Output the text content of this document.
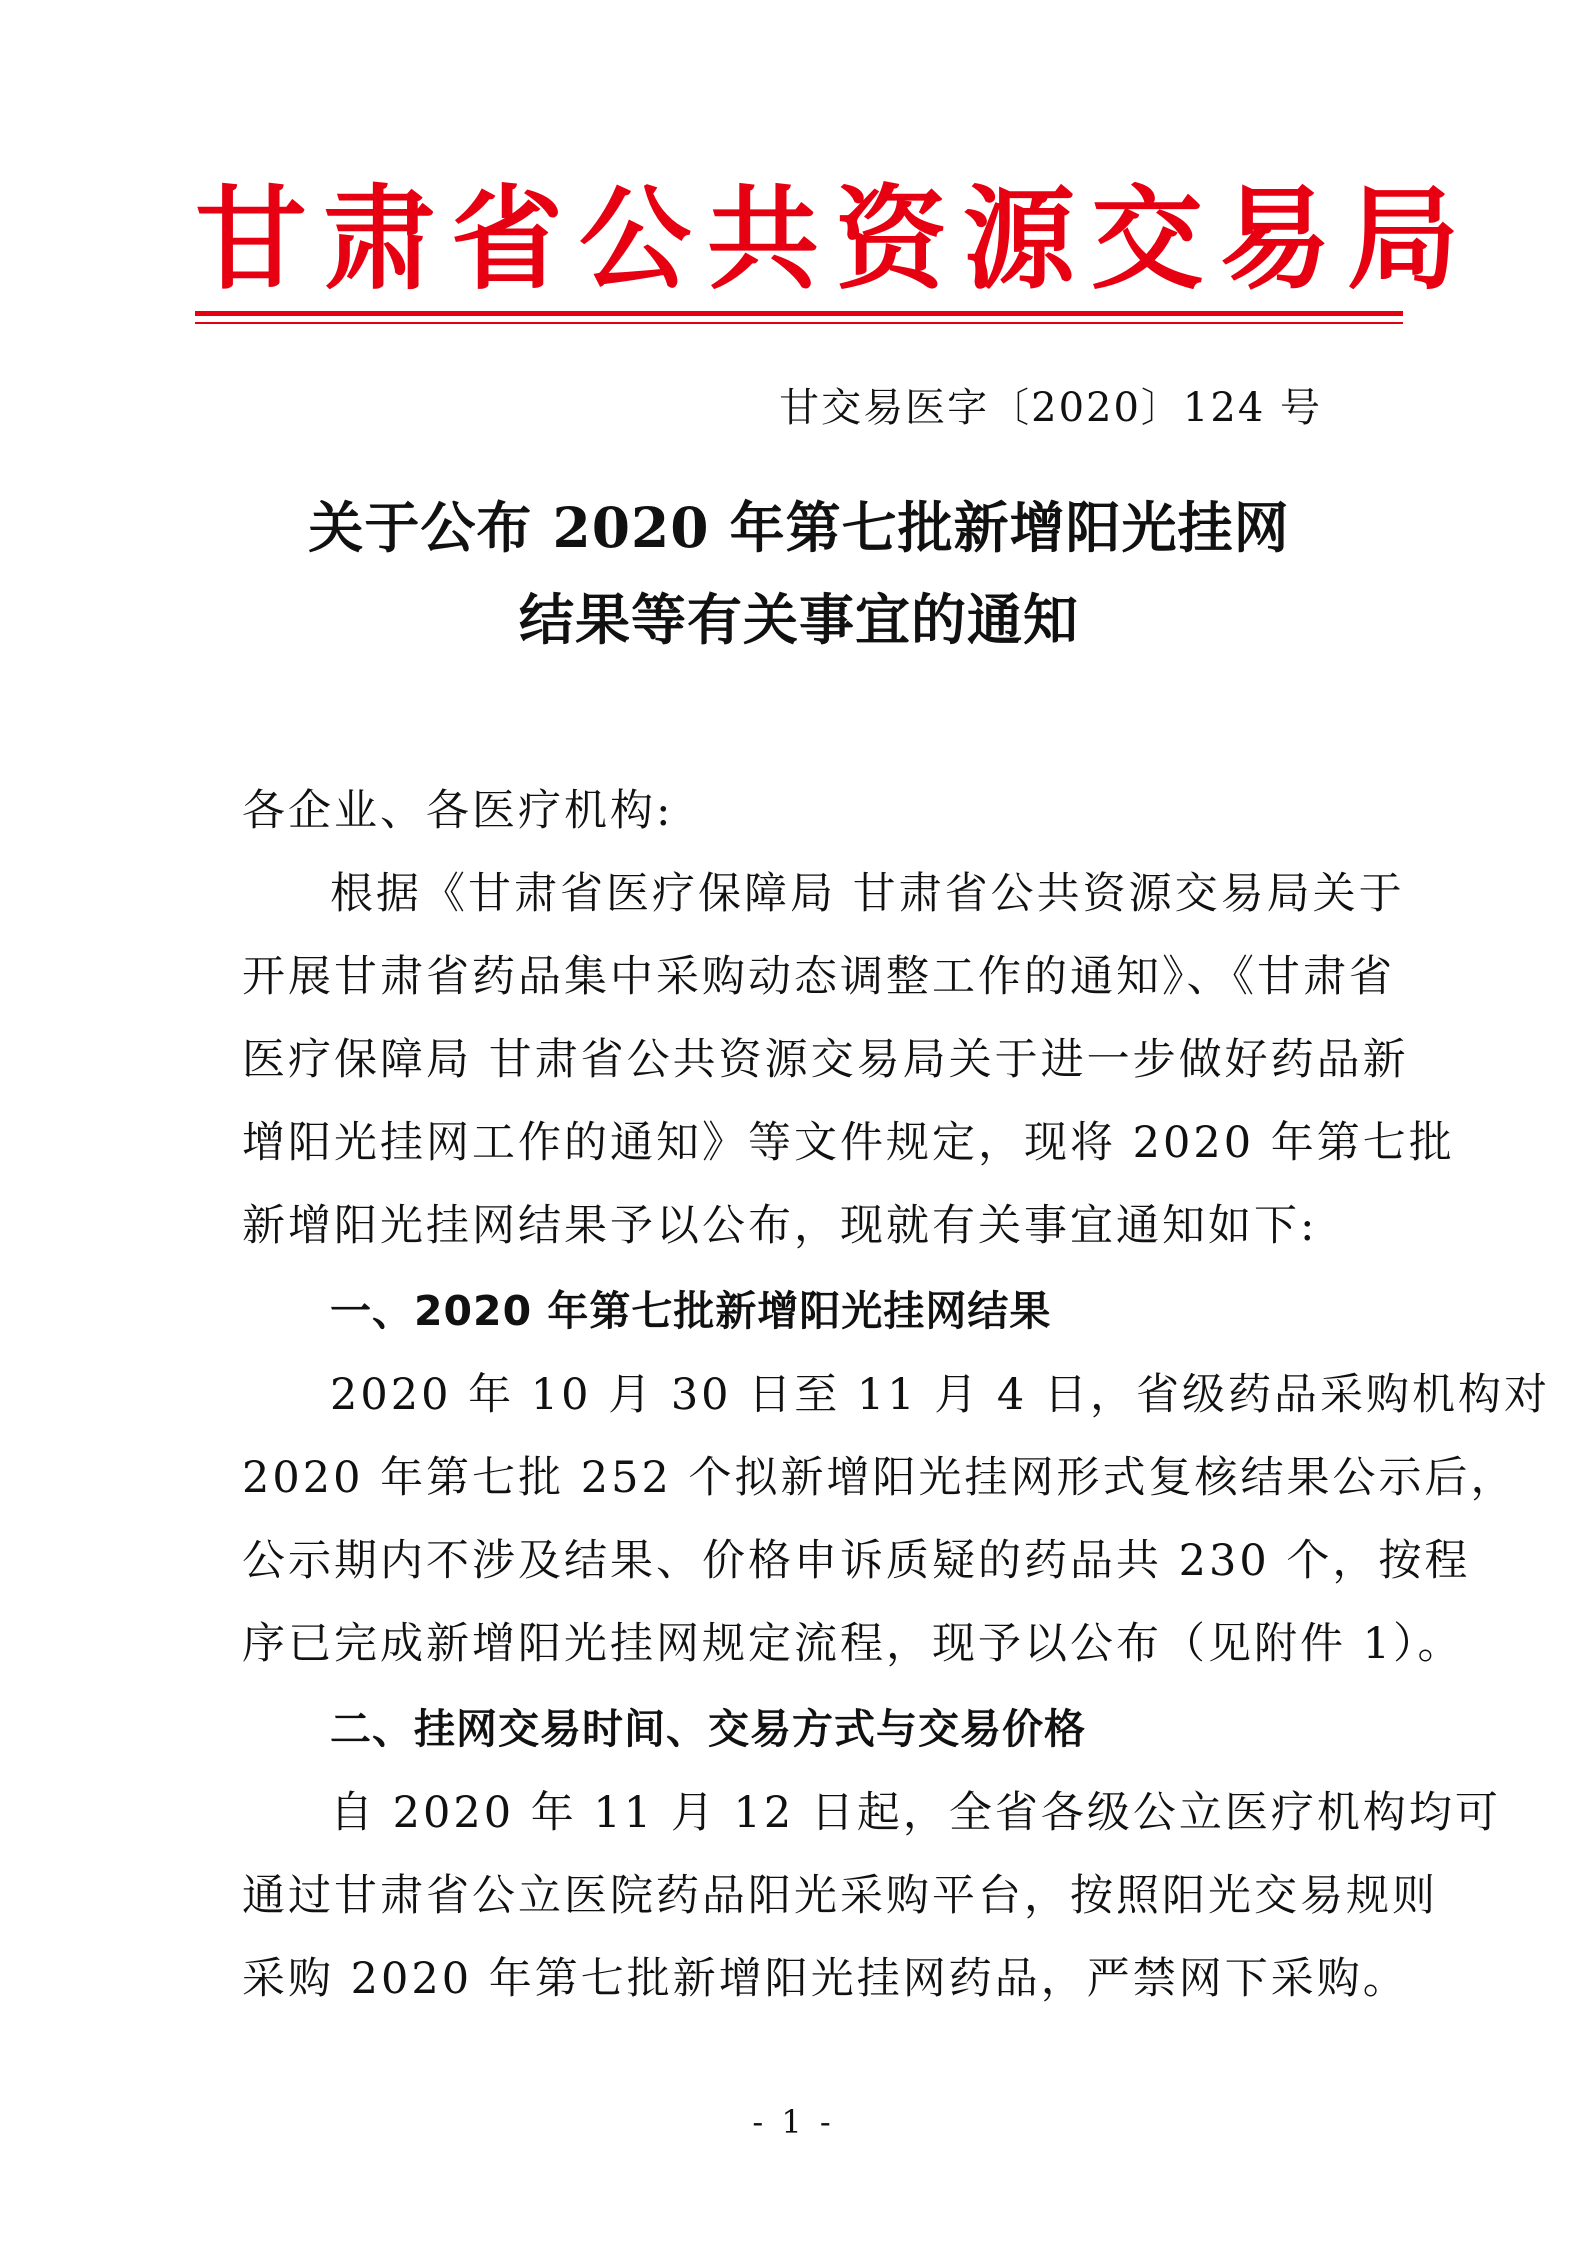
甘肃省公共资源交易局
甘交易医字〔2020〕124 号
关于公布 2020 年第七批新增阳光挂网
结果等有关事宜的通知

各企业、各医疗机构:

根据《甘肃省医疗保障局 甘肃省公共资源交易局关于
开展甘肃省药品集中采购动态调整工作的通知》、《甘肃省
医疗保障局 甘肃省公共资源交易局关于进一步做好药品新
增阳光挂网工作的通知》等文件规定，现将 2020 年第七批
新增阳光挂网结果予以公布，现就有关事宜通知如下:

一、2020 年第七批新增阳光挂网结果

2020 年 10 月 30 日至 11 月 4 日，省级药品采购机构对
2020 年第七批 252 个拟新增阳光挂网形式复核结果公示后，
公示期内不涉及结果、价格申诉质疑的药品共 230 个，按程
序已完成新增阳光挂网规定流程，现予以公布（见附件 1）。

二、挂网交易时间、交易方式与交易价格

自 2020 年 11 月 12 日起，全省各级公立医疗机构均可
通过甘肃省公立医院药品阳光采购平台，按照阳光交易规则
采购 2020 年第七批新增阳光挂网药品，严禁网下采购。

- 1 -
